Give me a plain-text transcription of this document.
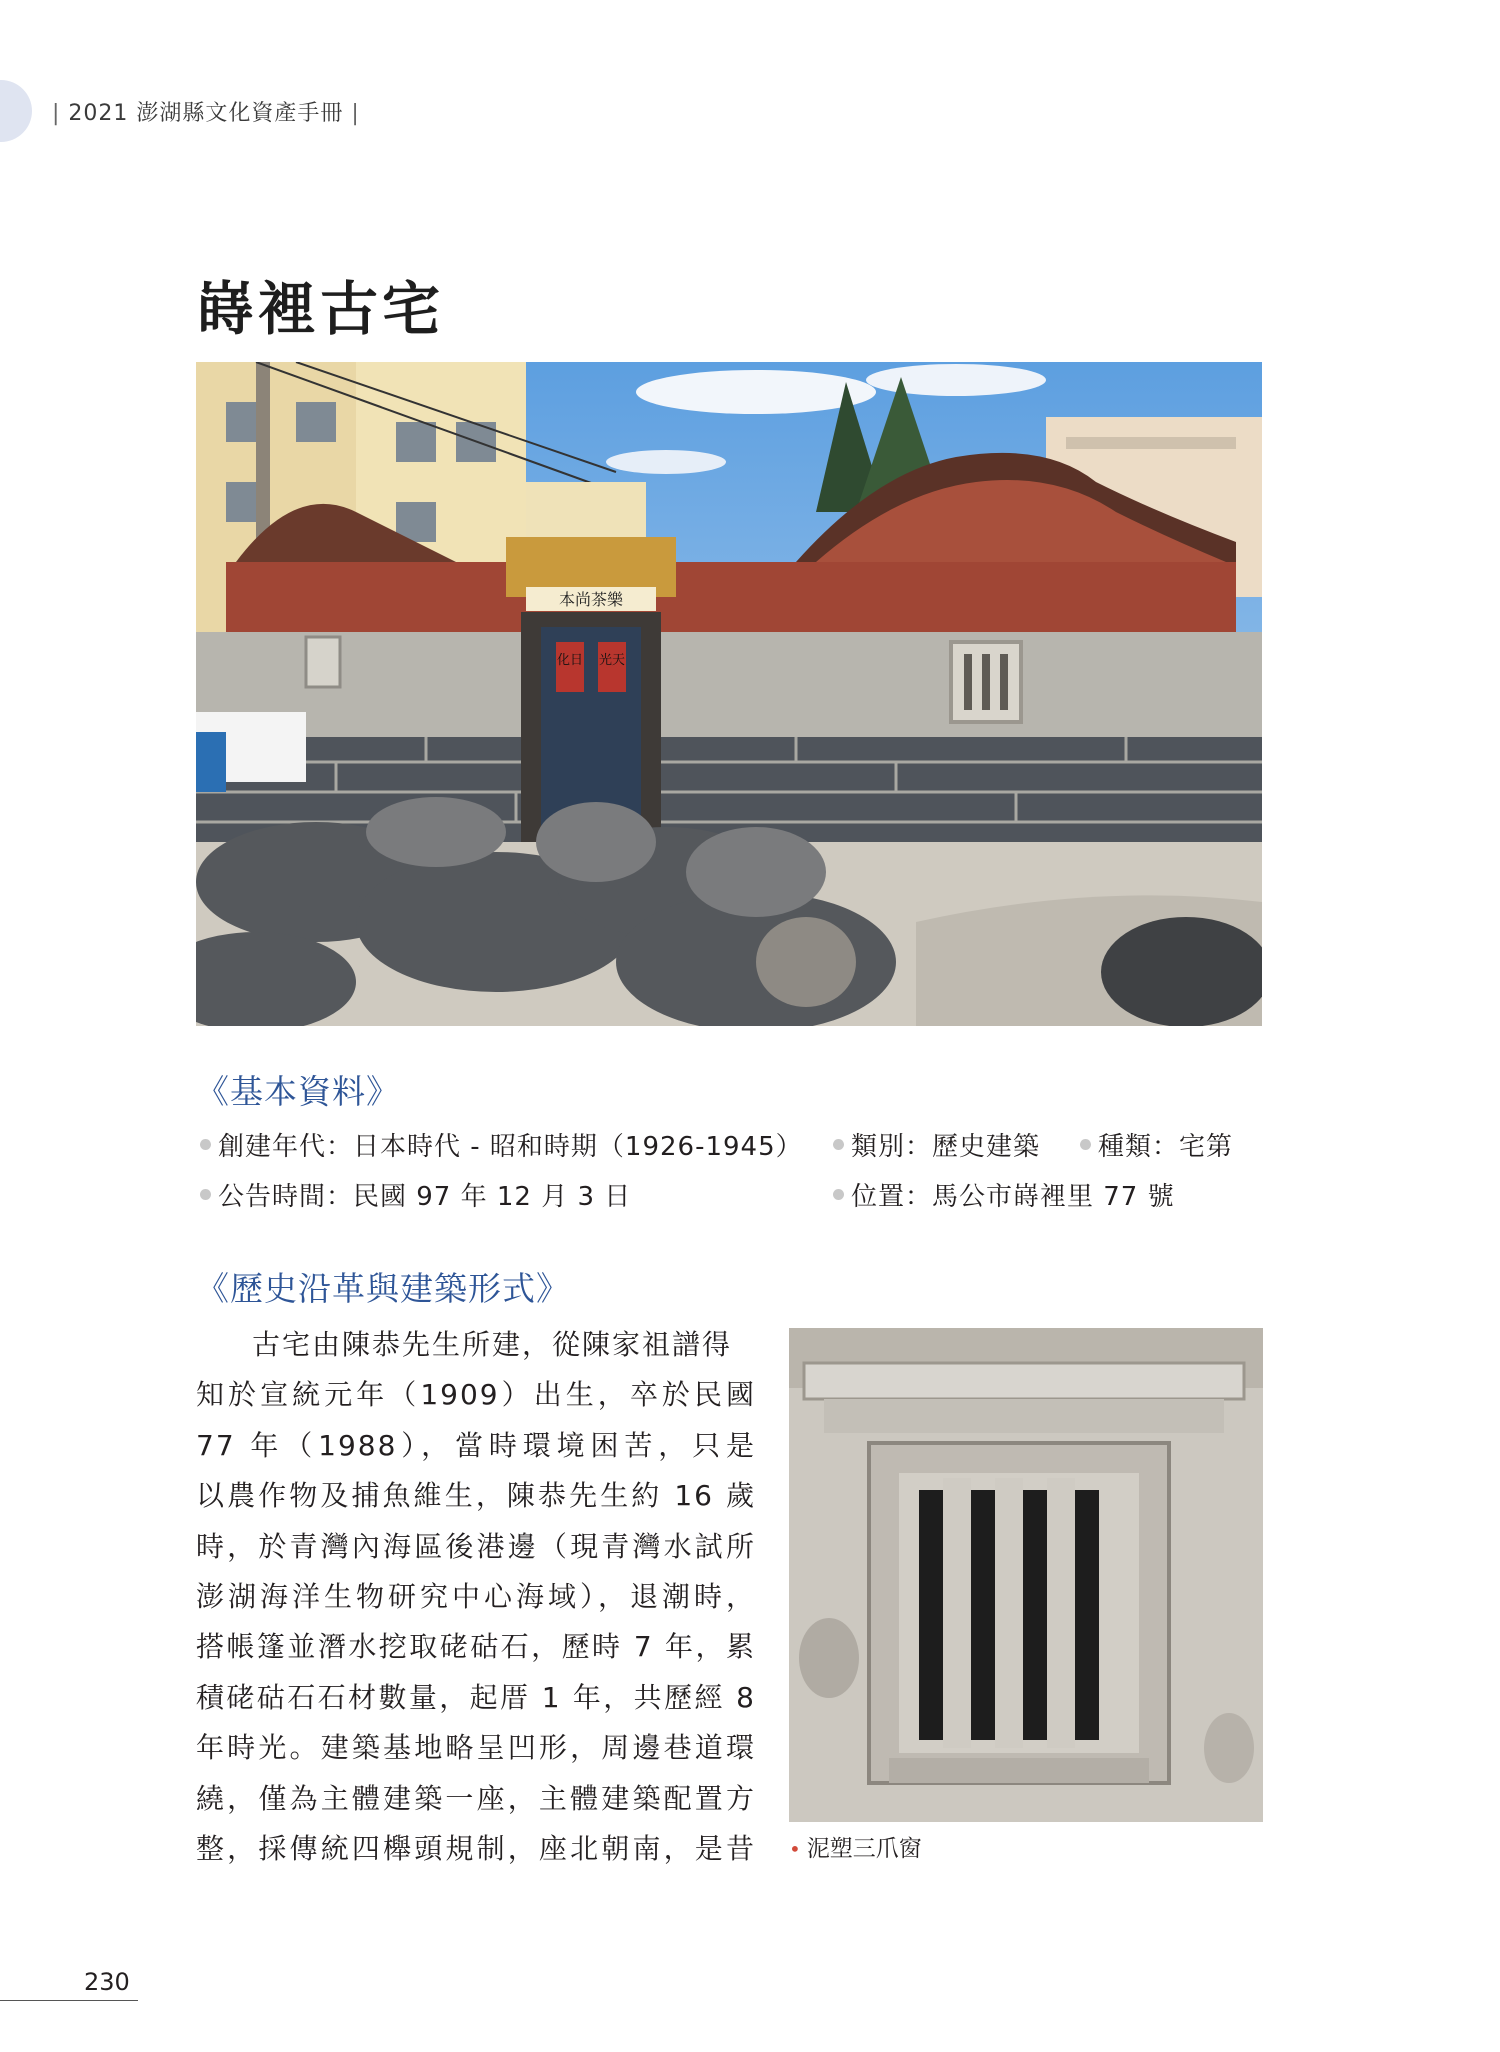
| 2021 澎湖縣文化資產手冊 |
嵵裡古宅
本尚茶樂
化日 光天
《基本資料》
創建年代：日本時代 - 昭和時期（1926-1945）	類別：歷史建築	種類：宅第
公告時間：民國 97 年 12 月 3 日	位置：馬公市嵵裡里 77 號
《歷史沿革與建築形式》

古宅由陳恭先生所建，從陳家祖譜得
知於宣統元年（1909）出生，卒於民國
77 年（1988），當時環境困苦，只是
以農作物及捕魚維生，陳恭先生約 16 歲
時，於青灣內海區後港邊（現青灣水試所
澎湖海洋生物研究中心海域），退潮時，
搭帳篷並潛水挖取硓𥑮石，歷時 7 年，累
積硓𥑮石石材數量，起厝 1 年，共歷經 8
年時光。建築基地略呈凹形，周邊巷道環
繞，僅為主體建築一座，主體建築配置方
整，採傳統四櫸頭規制，座北朝南，是昔 • 泥塑三爪窗
230
